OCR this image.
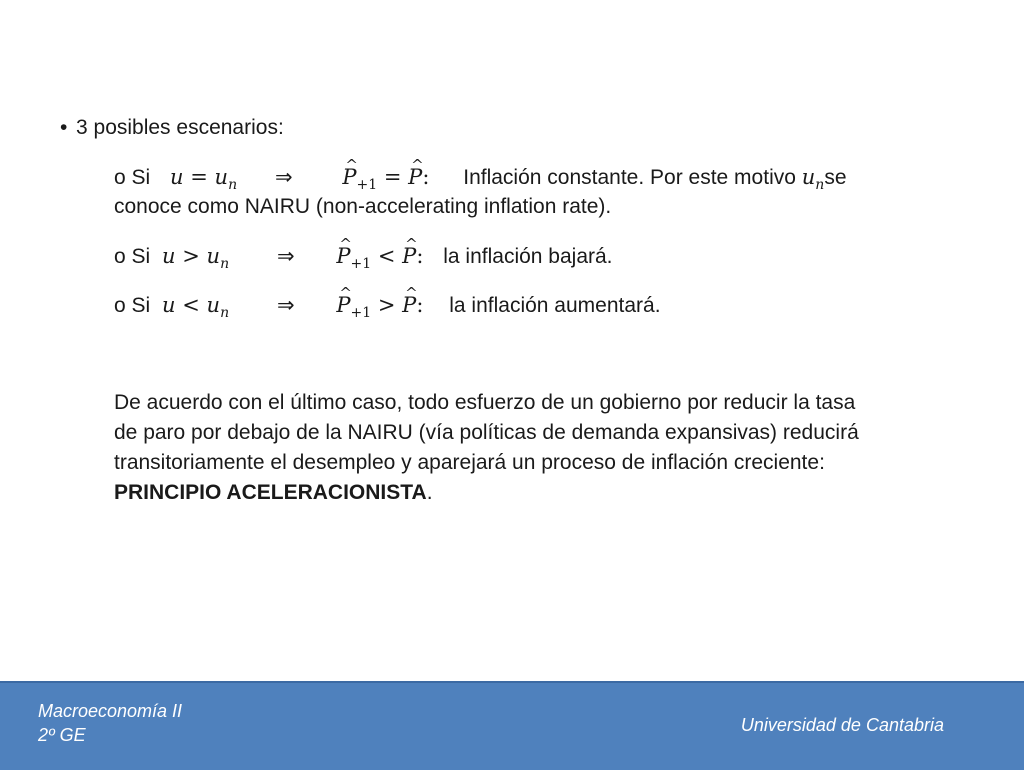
• 3 posibles escenarios:
o Si $u = u_n$ ⇒ ^ $P_{+1}$ = ^ P: Inflación constante. Por este motivo $u_nse$
conoce como NAIRU (non-accelerating inflation rate).
o Si $u > u_n$ ⇒ ^ $P_{+1}$ < ^ P: la inflación bajará.
o Si $u < u_n$ ⇒ ^ $P_{+1}$ > ^ P: la inflación aumentará.
De acuerdo con el último caso, todo esfuerzo de un gobierno por reducir la tasa
de paro por debajo de la NAIRU (vía políticas de demanda expansivas) reducirá
transitoriamente el desempleo y aparejará un proceso de inflación creciente:
PRINCIPIO ACELERACIONISTA.
Macroeconomía II
2º GE	Universidad de Cantabria
